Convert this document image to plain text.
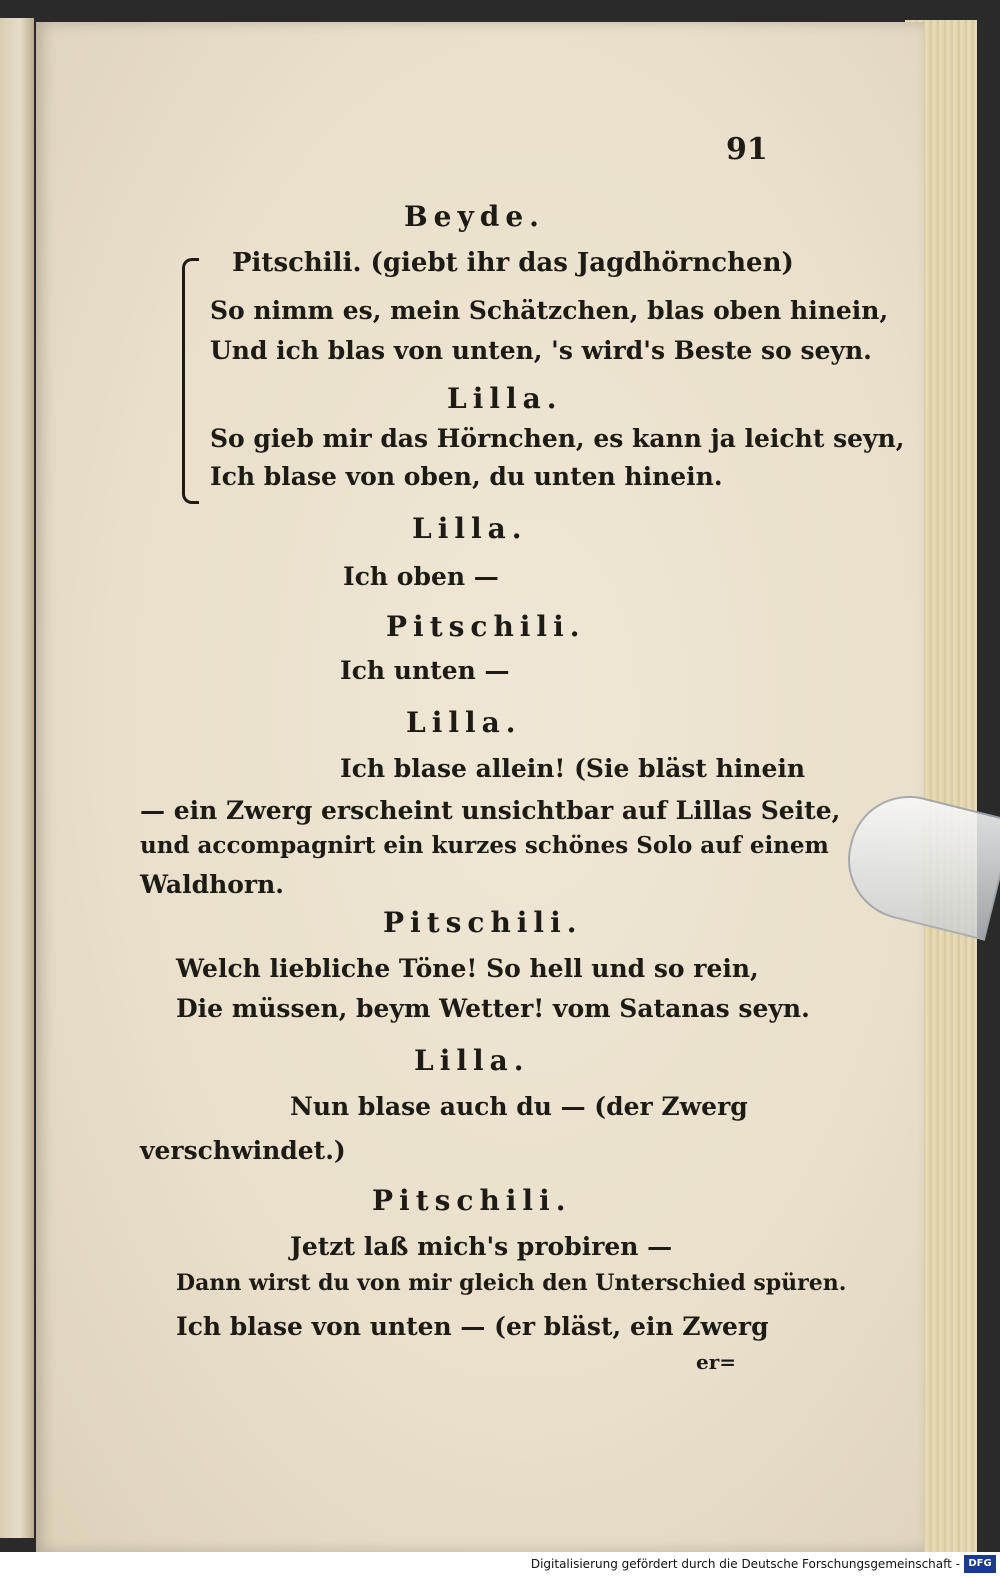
91
Beyde.
Pitschili. (giebt ihr das Jagdhörnchen)
So nimm es, mein Schätzchen, blas oben hinein,
Und ich blas von unten, 's wird's Beste so seyn.
Lilla.
So gieb mir das Hörnchen, es kann ja leicht seyn,
Ich blase von oben, du unten hinein.
Lilla.
Ich oben —
Pitschili.
Ich unten —
Lilla.
Ich blase allein! (Sie bläst hinein
— ein Zwerg erscheint unsichtbar auf Lillas Seite,
und accompagnirt ein kurzes schönes Solo auf einem
Waldhorn.
Pitschili.
Welch liebliche Töne! So hell und so rein,
Die müssen, beym Wetter! vom Satanas seyn.
Lilla.
Nun blase auch du — (der Zwerg
verschwindet.)
Pitschili.
Jetzt laß mich's probiren —
Dann wirst du von mir gleich den Unterschied spüren.
Ich blase von unten — (er bläst, ein Zwerg
er=
Digitalisierung gefördert durch die Deutsche Forschungsgemeinschaft - DFG
